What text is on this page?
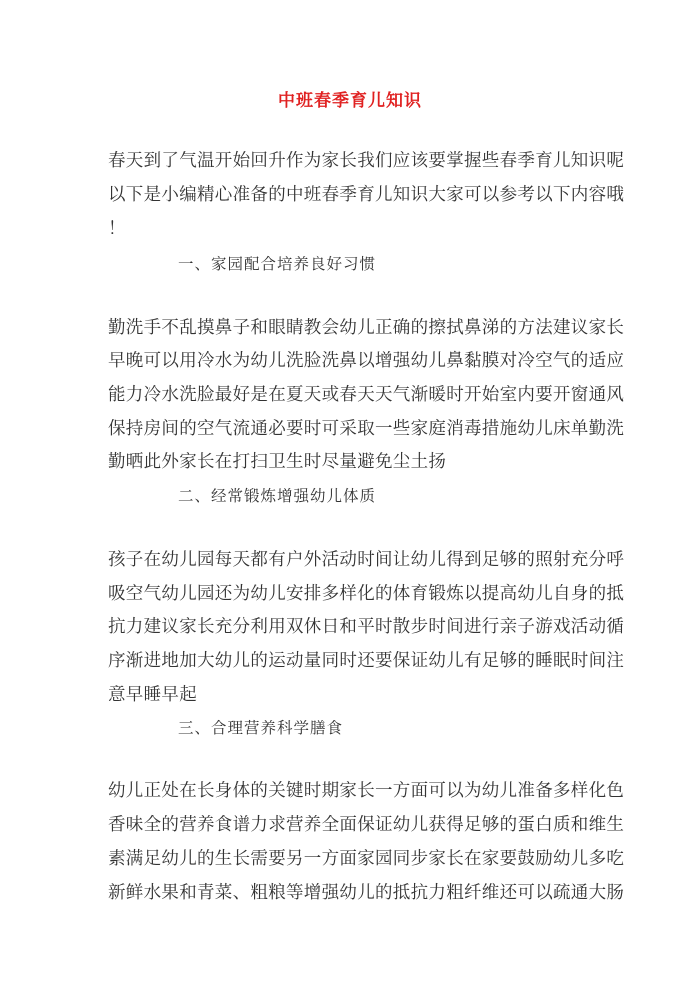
中班春季育儿知识
春天到了气温开始回升作为家长我们应该要掌握些春季育儿知识呢
以下是小编精心准备的中班春季育儿知识大家可以参考以下内容哦
！
一、家园配合培养良好习惯
勤洗手不乱摸鼻子和眼睛教会幼儿正确的擦拭鼻涕的方法建议家长
早晚可以用冷水为幼儿洗脸洗鼻以增强幼儿鼻黏膜对冷空气的适应
能力冷水洗脸最好是在夏天或春天天气渐暖时开始室内要开窗通风
保持房间的空气流通必要时可采取一些家庭消毒措施幼儿床单勤洗
勤晒此外家长在打扫卫生时尽量避免尘土扬
二、经常锻炼增强幼儿体质
孩子在幼儿园每天都有户外活动时间让幼儿得到足够的照射充分呼
吸空气幼儿园还为幼儿安排多样化的体育锻炼以提高幼儿自身的抵
抗力建议家长充分利用双休日和平时散步时间进行亲子游戏活动循
序渐进地加大幼儿的运动量同时还要保证幼儿有足够的睡眠时间注
意早睡早起
三、合理营养科学膳食
幼儿正处在长身体的关键时期家长一方面可以为幼儿准备多样化色
香味全的营养食谱力求营养全面保证幼儿获得足够的蛋白质和维生
素满足幼儿的生长需要另一方面家园同步家长在家要鼓励幼儿多吃
新鲜水果和青菜、粗粮等增强幼儿的抵抗力粗纤维还可以疏通大肠
